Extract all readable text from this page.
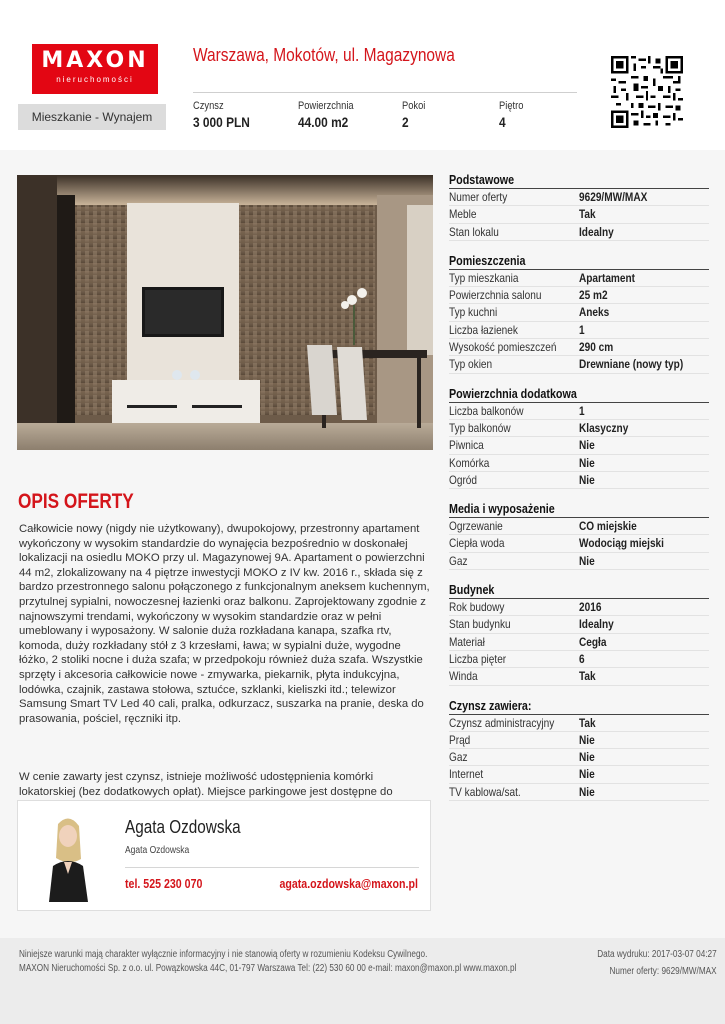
MAXON
nieruchomości
Mieszkanie - Wynajem
Warszawa, Mokotów, ul. Magazynowa
Czynsz
3 000 PLN
Powierzchnia
44.00 m2
Pokoi
2
Piętro
4
OPIS OFERTY

Całkowicie nowy (nigdy nie użytkowany), dwupokojowy, przestronny apartament wykończony w wysokim standardzie do wynajęcia bezpośrednio w doskonałej lokalizacji na osiedlu MOKO przy ul. Magazynowej 9A. Apartament o powierzchni 44 m2, zlokalizowany na 4 piętrze inwestycji MOKO z IV kw. 2016 r., składa się z bardzo przestronnego salonu połączonego z funkcjonalnym aneksem kuchennym, przytulnej sypialni, nowoczesnej łazienki oraz balkonu. Zaprojektowany zgodnie z najnowszymi trendami, wykończony w wysokim standardzie oraz w pełni umeblowany i wyposażony. W salonie duża rozkładana kanapa, szafka rtv, komoda, duży rozkładany stół z 3 krzesłami, ława; w sypialni duże, wygodne łóżko, 2 stoliki nocne i duża szafa; w przedpokoju również duża szafa. Wszystkie sprzęty i akcesoria całkowicie nowe - zmywarka, piekarnik, płyta indukcyjna, lodówka, czajnik, zastawa stołowa, sztućce, szklanki, kieliszki itd.; telewizor Samsung Smart TV Led 40 cali, pralka, odkurzacz, suszarka na pranie, deska do prasowania, pościel, ręczniki itp.

W cenie zawarty jest czynsz, istnieje możliwość udostępnienia komórki lokatorskiej (bez dodatkowych opłat). Miejsce parkingowe jest dostępne do

Podstawowe
Numer oferty	9629/MW/MAX
Meble	Tak
Stan lokalu	Idealny
Pomieszczenia
Typ mieszkania	Apartament
Powierzchnia salonu	25 m2
Typ kuchni	Aneks
Liczba łazienek	1
Wysokość pomieszczeń 290 cm
Typ okien	Drewniane (nowy typ)
Powierzchnia dodatkowa
Liczba balkonów	1
Typ balkonów	Klasyczny
Piwnica	Nie
Komórka	Nie
Ogród	Nie
Media i wyposażenie
Ogrzewanie	CO miejskie
Ciepła woda	Wodociąg miejski
Gaz	Nie
Budynek
Rok budowy	2016
Stan budynku	Idealny
Materiał	Cegła
Liczba pięter	6
Winda	Tak
Czynsz zawiera:
Czynsz administracyjny Tak
Prąd	Nie
Gaz	Nie
Internet	Nie
TV kablowa/sat.	Nie
Agata Ozdowska
Agata Ozdowska
tel. 525 230 070	agata.ozdowska@maxon.pl
Niniejsze warunki mają charakter wyłącznie informacyjny i nie stanowią oferty w rozumieniu Kodeksu Cywilnego.
MAXON Nieruchomości Sp. z o.o. ul. Powązkowska 44C, 01-797 Warszawa Tel: (22) 530 60 00 e-mail: maxon@maxon.pl www.maxon.pl
Data wydruku: 2017-03-07 04:27
Numer oferty: 9629/MW/MAX
